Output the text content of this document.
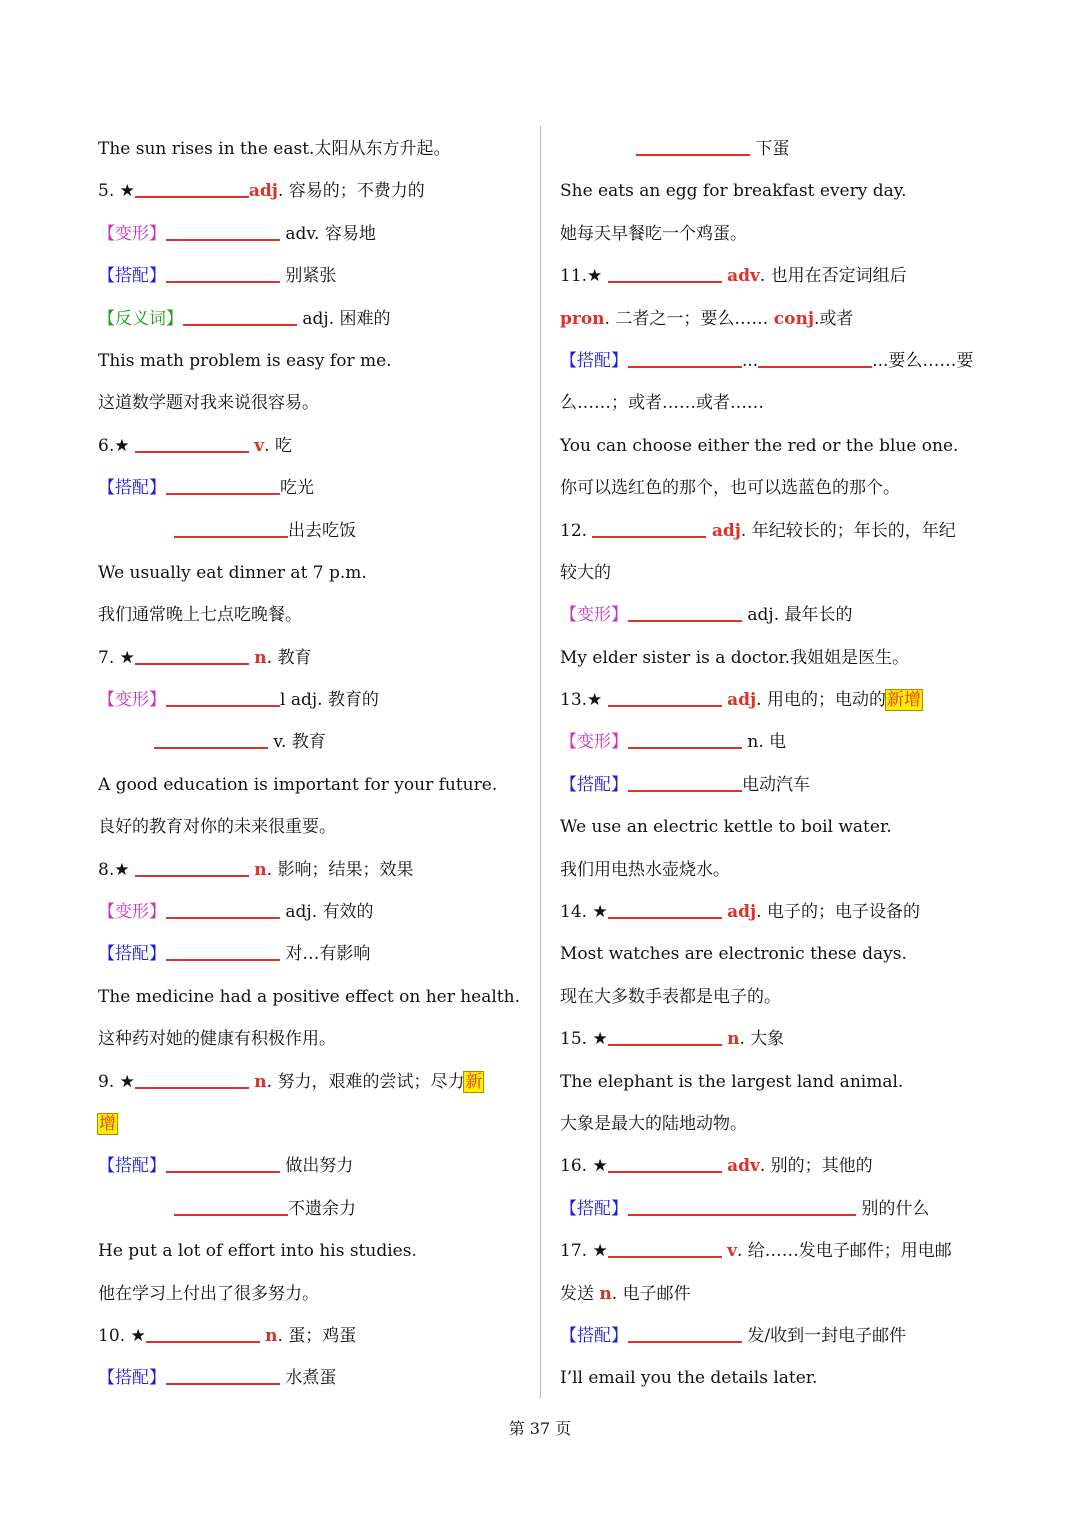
The sun rises in the east.太阳从东方升起。
5. ★	adj. 容易的；不费力的
【变形】	adv. 容易地
【搭配】	别紧张
【反义词】	adj. 困难的
This math problem is easy for me.
这道数学题对我来说很容易。
6.★	v. 吃
【搭配】	吃光
出去吃饭
We usually eat dinner at 7 p.m.
我们通常晚上七点吃晚餐。
7. ★	n. 教育
【变形】	l adj. 教育的
v. 教育
A good education is important for your future.
良好的教育对你的未来很重要。
8.★	n. 影响；结果；效果
【变形】	adj. 有效的
【搭配】	对…有影响
The medicine had a positive effect on her health.
这种药对她的健康有积极作用。
9. ★	n. 努力，艰难的尝试；尽力新
增
【搭配】	做出努力
不遗余力
He put a lot of effort into his studies.
他在学习上付出了很多努力。
10. ★	n. 蛋；鸡蛋
【搭配】	水煮蛋
下蛋
She eats an egg for breakfast every day.
她每天早餐吃一个鸡蛋。
11.★	adv. 也用在否定词组后
pron. 二者之一；要么…… conj.或者
【搭配】	...	...要么……要
么……；或者……或者……
You can choose either the red or the blue one.
你可以选红色的那个，也可以选蓝色的那个。
12.	adj. 年纪较长的；年长的，年纪
较大的
【变形】	adj. 最年长的
My elder sister is a doctor.我姐姐是医生。
13.★	adj. 用电的；电动的新增
【变形】	n. 电
【搭配】	电动汽车
We use an electric kettle to boil water.
我们用电热水壶烧水。
14. ★	adj. 电子的；电子设备的
Most watches are electronic these days.
现在大多数手表都是电子的。
15. ★	n. 大象
The elephant is the largest land animal.
大象是最大的陆地动物。
16. ★	adv. 别的；其他的
【搭配】	别的什么
17. ★	v. 给……发电子邮件；用电邮
发送 n. 电子邮件
【搭配】	发/收到一封电子邮件
I’ll email you the details later.
第 37 页
